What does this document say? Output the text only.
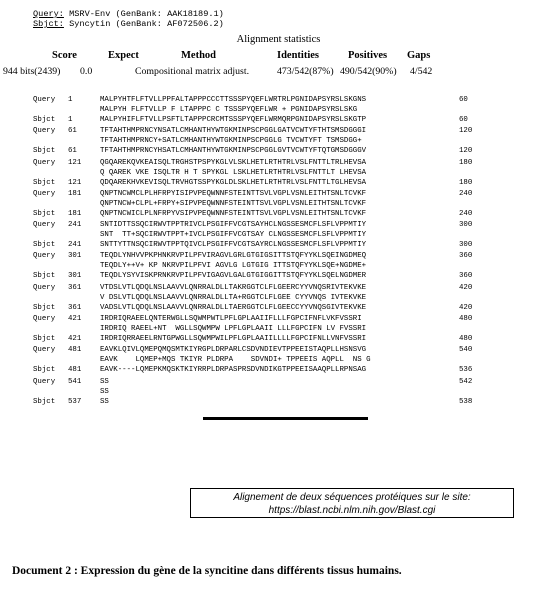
Query: MSRV-Env (GenBank: AAK18189.1)
Sbjct: Syncytin (GenBank: AF072506.2)
Alignment statistics
Score	Expect	Method	Identities	Positives Gaps
944 bits(2439) 0.0	Compositional matrix adjust.	473/542(87%) 490/542(90%) 4/542
Query 1	MALPYHTFLFTVLLPPFALTAPPPCCCTTSSSPYQEFLWRTRLPGNIDAPSYRSLSKGNS	60
MALPYH FLFTVLLP F LTAPPPC C TSSSPYQEFLWR + PGNIDAPSYRSLSKG
Sbjct 1	MALPYHIFLFTVLLPSFTLTAPPPCRCMTSSSPYQEFLWRMQRPGNIDAPSYRSLSKGTP	60
Query 61	TFTAHTHMPRNCYNSATLCMHANTHYWTGKMINPSCPGGLGATVCWTYFTHTSMSDGGGI	120
TFTAHTHMPRNCY+SATLCMHANTHYWTGKMINPSCPGGLG TVCWTYFT TSMSDGG+
Sbjct 61	TFTAHTHMPRNCYHSATLCMHANTHYWTGKMINPSCPGGLGVTVCWTYFTQTGMSDGGGV	120
Query 121	QGQAREKQVKEAISQLTRGHSTPSPYKGLVLSKLHETLRTHTRLVSLFNTTLTRLHEVSA	180
Q QAREK VKE ISQLTR H T SPYKGL LSKLHETLRTHTRLVSLFNTTLT LHEVSA
Sbjct 121	QDQAREKHVKEVISQLTRVHGTSSPYKGLDLSKLHETLRTHTRLVSLFNTTLTGLHEVSA	180
Query 181	QNPTNCWMCLPLHFRPYISIPVPEQWNNFSTEINTTSVLVGPLVSNLEITHTSNLTCVKF	240
QNPTNCW+CLPL+FRPY+SIPVPEQWNNFSTEINTTSVLVGPLVSNLEITHTSNLTCVKF
Sbjct 181	QNPTNCWICLPLNFRPYVSIPVPEQWNNFSTEINTTSVLVGPLVSNLEITHTSNLTCVKF	240
Query 241	SNTIDTTSSQCIRWVTPPTRIVCLPSGIFFVCGTSAYHCLNGSSESMCFLSFLVPPMTIY	300
SNT  TT+SQCIRWVTPPT+IVCLPSGIFFVCGTSAY CLNGSSESMCFLSFLVPPMTIY
Sbjct 241	SNTTYTTNSQCIRWVTPPTQIVCLPSGIFFVCGTSAYRCLNGSSESMCFLSFLVPPMTIY	300
Query 301	TEQDLYNHVVPKPHNKRVPILPFVIRAGVLGRLGTGIGSITTSTQFYYKLSQEINGDMEQ	360
TEQDLY++V+ KP NKRVPILPFVI AGVLG LGTGIG ITTSTQFYYKLSQE+NGDME+
Sbjct 301	TEQDLYSYVISKPRNKRVPILPFVIGAGVLGALGTGIGGITTSTQFYYKLSQELNGDMER	360
Query 361	VTDSLVTLQDQLNSLAAVVLQNRRALDLLTAKRGGTCLFLGEERCYYVNQSRIVTEKVKE	420
V DSLVTLQDQLNSLAAVVLQNRRALDLLTA+RGGTCLFLGEE CYYVNQS IVTEKVKE
Sbjct 361	VADSLVTLQDQLNSLAAVVLQNRRALDLLTAERGGTCLFLGEECCYYVNQSGIVTEKVKE	420
Query 421	IRDRIQRAEELQNTERWGLLSQWMPWTLPFLGPLAAIIFLLLFGPCIFNFLVKFVSSRI	480
IRDRIQ RAEEL+NT  WGLLSQWMPW LPFLGPLAAII LLLFGPCIFN LV FVSSRI
Sbjct 421	IRDRIQRRAEELRNTGPWGLLSQWMPWILPFLGPLAAIILLLLFGPCIFNLLVNFVSSRI	480
Query 481	EAVKLQIVLQMEPQMQSMTKIYRGPLDRPARLCSDVNDIEVTPPEEISTAQPLLHSNSVG	540
EAVK    LQMEP+MQS TKIYR PLDRPA    SDVNDI+ TPPEEIS AQPLL  NS G
Sbjct 481	EAVK----LQMEPKMQSKTKIYRRPLDRPASPRSDVNDIKGTPPEEISAAQPLLRPNSAG	536
Query 541	SS	542
SS
Sbjct 537	SS	538
Alignement de deux séquences protéiques sur le site:
https://blast.ncbi.nlm.nih.gov/Blast.cgi
Document 2 : Expression du gène de la syncitine dans différents tissus humains.
